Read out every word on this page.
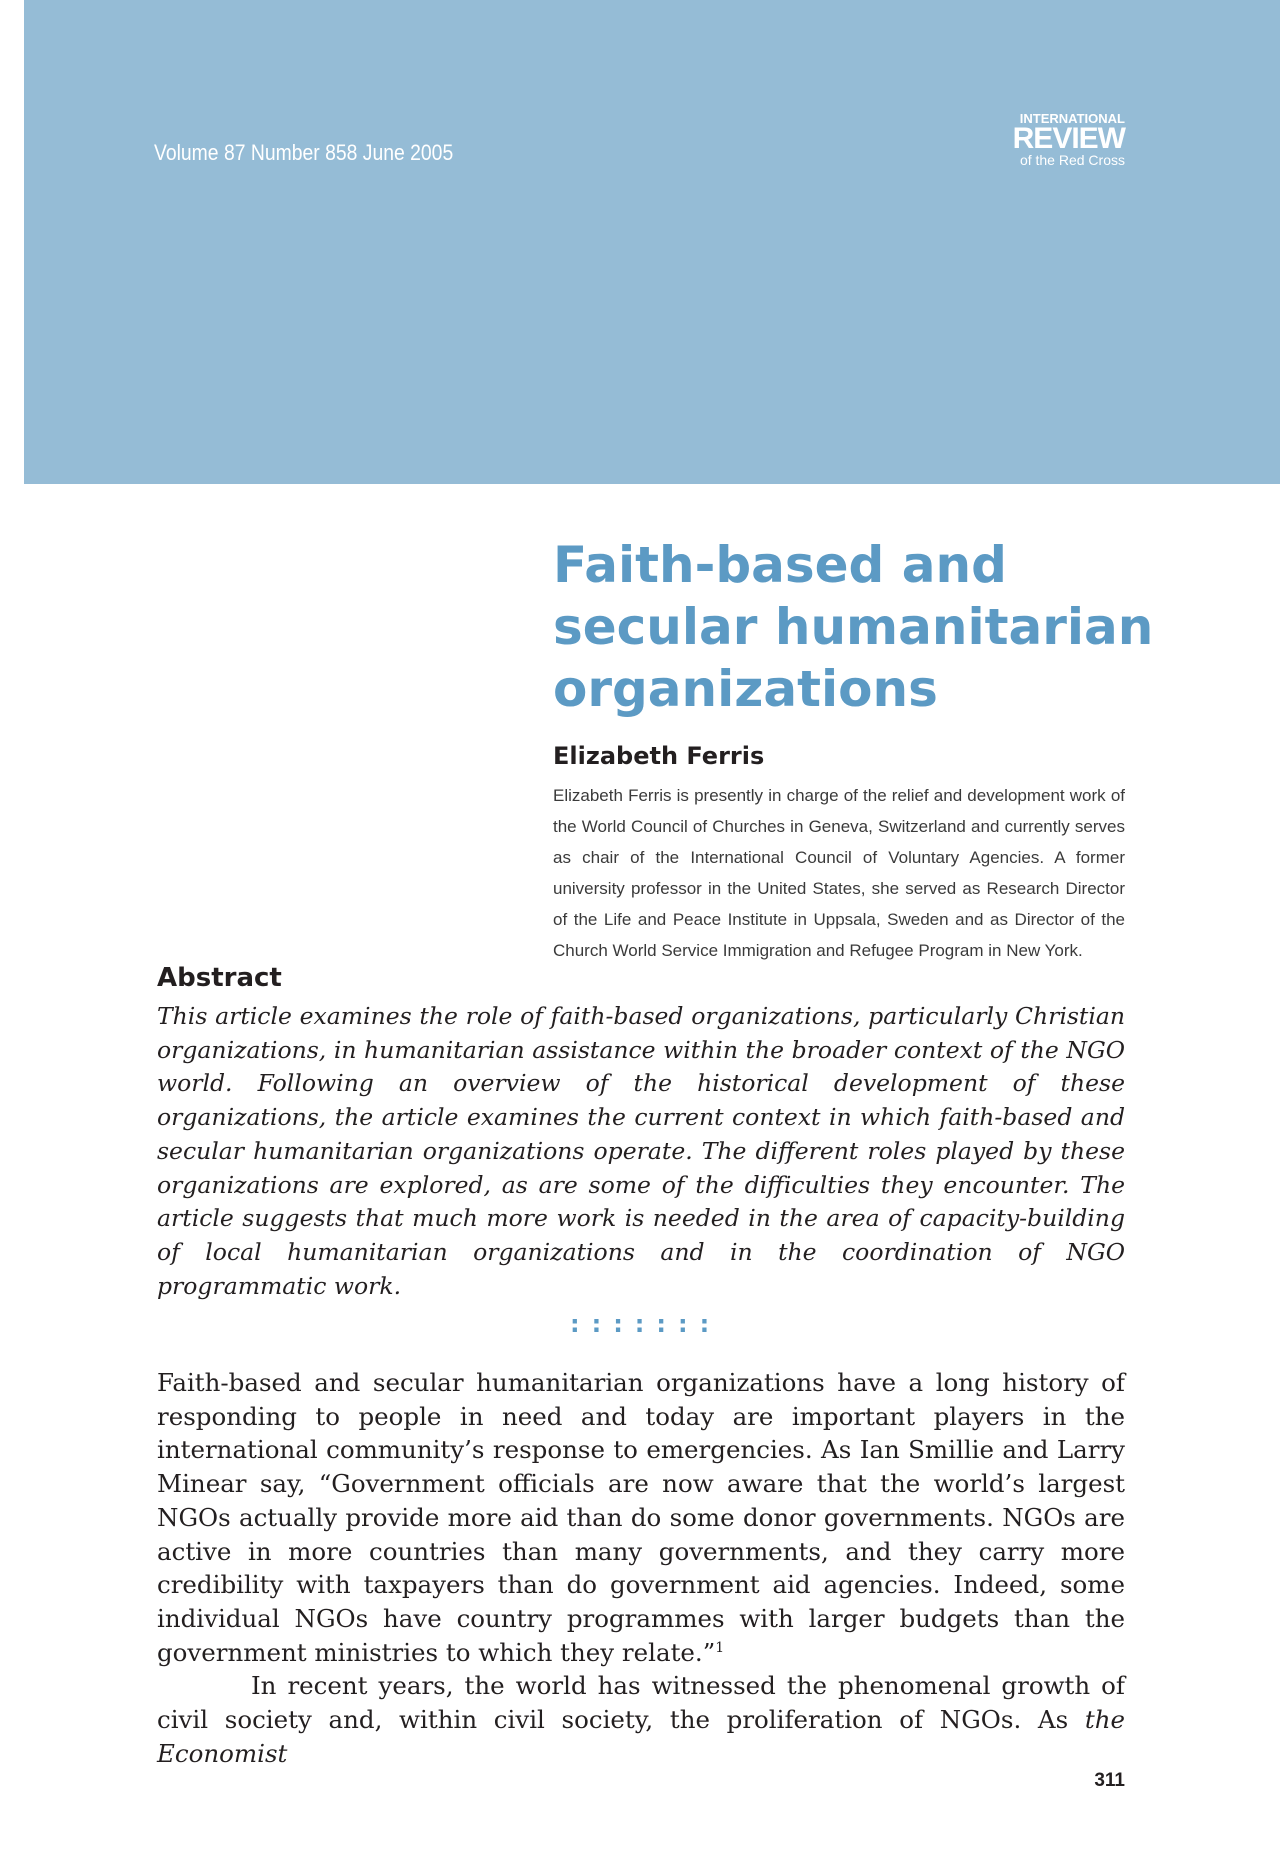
Volume 87 Number 858 June 2005
INTERNATIONAL
REVIEW
of the Red Cross
Faith-based and secular humanitarian organizations
Elizabeth Ferris
Elizabeth Ferris is presently in charge of the relief and development work of the World Council of Churches in Geneva, Switzerland and currently serves as chair of the International Council of Voluntary Agencies. A former university professor in the United States, she served as Research Director of the Life and Peace Institute in Uppsala, Sweden and as Director of the Church World Service Immigration and Refugee Program in New York.
Abstract

This article examines the role of faith-based organizations, particularly Christian organizations, in humanitarian assistance within the broader context of the NGO world. Following an overview of the historical development of these organizations, the article examines the current context in which faith-based and secular humanitarian organizations operate. The different roles played by these organizations are explored, as are some of the difficulties they encounter. The article suggests that much more work is needed in the area of capacity-building of local humanitarian organizations and in the coordination of NGO programmatic work.

:::::::

Faith-based and secular humanitarian organizations have a long history of responding to people in need and today are important players in the international community’s response to emergencies. As Ian Smillie and Larry Minear say, “Government officials are now aware that the world’s largest NGOs actually provide more aid than do some donor governments. NGOs are active in more countries than many governments, and they carry more credibility with taxpayers than do government aid agencies. Indeed, some individual NGOs have country programmes with larger budgets than the government ministries to which they relate.”$^1$

In recent years, the world has witnessed the phenomenal growth of civil society and, within civil society, the proliferation of NGOs. As the Economist

311
